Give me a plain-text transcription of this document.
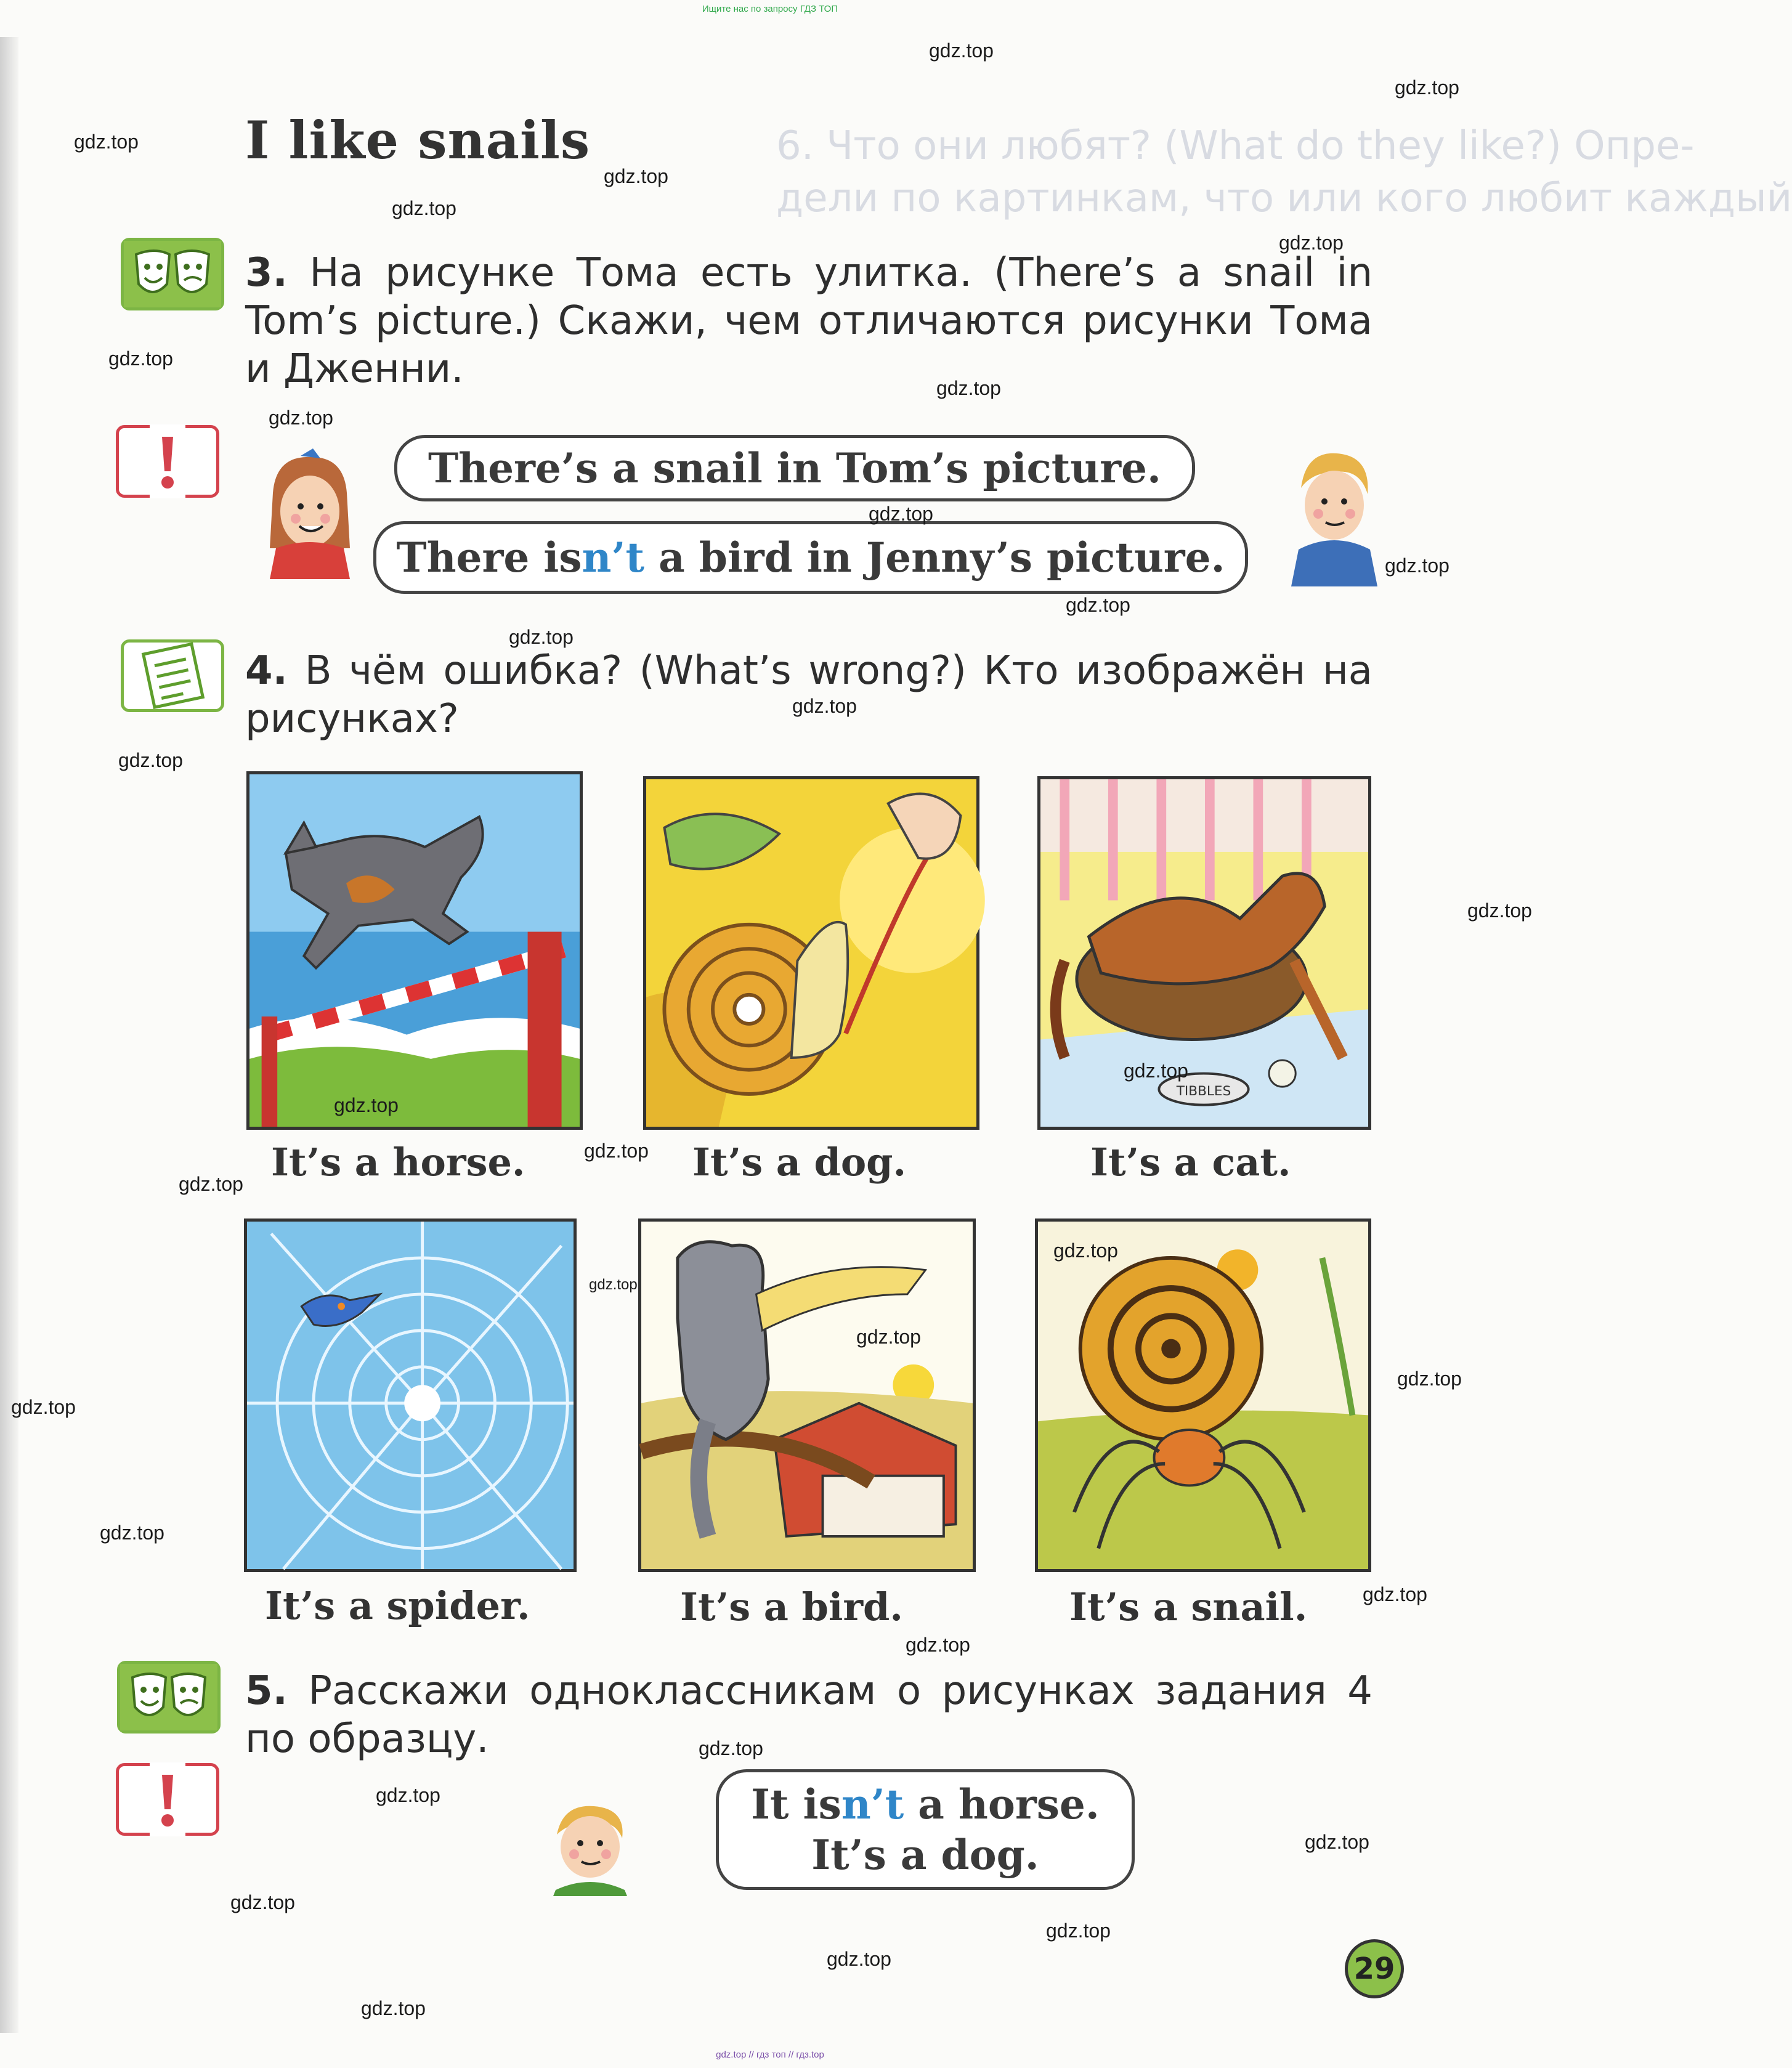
6. Что они любят? (What do they like?) Опре-
дели по картинкам, что или кого любит каждый
Ищите нас по запросу ГДЗ ТОП
I like snails
3. На рисунке Тома есть улитка. (There’s a snail in Tom’s picture.) Скажи, чем отличаются рисунки Тома и Дженни.
There’s a snail in Tom’s picture.
There is n’t a bird in Jenny’s picture.
4. В чём ошибка? (What’s wrong?) Кто изображён на рисунках?
TIBBLES
It’s a horse.	It’s a dog.	It’s a cat.
It’s a spider.	It’s a bird.	It’s a snail.
5. Расскажи одноклассникам о рисунках задания 4 по образцу.
It isn’t a horse.
It’s a dog.
29
gdz.top
gdz.top
gdz.top
gdz.top
gdz.top
gdz.top
gdz.top
gdz.top
gdz.top
gdz.top
gdz.top
gdz.top
gdz.top
gdz.top
gdz.top
gdz.top
gdz.top
gdz.top
gdz.top
gdz.top
gdz.top
gdz.top
gdz.top
gdz.top
gdz.top
gdz.top
gdz.top
gdz.top
gdz.top
gdz.top
gdz.top
gdz.top
gdz.top
gdz.top
gdz.top
gdz.top // гдз топ // гдз.top
